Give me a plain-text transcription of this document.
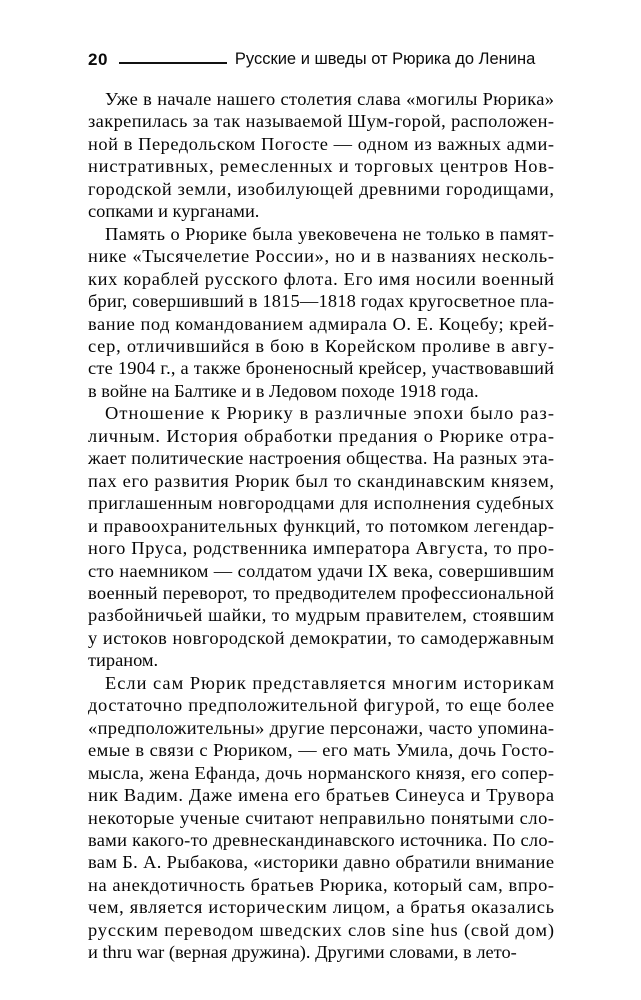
20	Русские и шведы от Рюрика до Ленина

Уже в начале нашего столетия слава «могилы Рюрика»
закрепилась за так называемой Шум-горой, расположен-
ной в Передольском Погосте — одном из важных адми-
нистративных, ремесленных и торговых центров Нов-
городской земли, изобилующей древними городищами,
сопками и курганами.

Память о Рюрике была увековечена не только в памят-
нике «Тысячелетие России», но и в названиях несколь-
ких кораблей русского флота. Его имя носили военный
бриг, совершивший в 1815—1818 годах кругосветное пла-
вание под командованием адмирала О. Е. Коцебу; крей-
сер, отличившийся в бою в Корейском проливе в авгу-
сте 1904 г., а также броненосный крейсер, участвовавший
в войне на Балтике и в Ледовом походе 1918 года.

Отношение к Рюрику в различные эпохи было раз-
личным. История обработки предания о Рюрике отра-
жает политические настроения общества. На разных эта-
пах его развития Рюрик был то скандинавским князем,
приглашенным новгородцами для исполнения судебных
и правоохранительных функций, то потомком легендар-
ного Пруса, родственника императора Августа, то про-
сто наемником — солдатом удачи IX века, совершившим
военный переворот, то предводителем профессиональной
разбойничьей шайки, то мудрым правителем, стоявшим
у истоков новгородской демократии, то самодержавным
тираном.

Если сам Рюрик представляется многим историкам
достаточно предположительной фигурой, то еще более
«предположительны» другие персонажи, часто упомина-
емые в связи с Рюриком, — его мать Умила, дочь Госто-
мысла, жена Ефанда, дочь норманского князя, его сопер-
ник Вадим. Даже имена его братьев Синеуса и Трувора
некоторые ученые считают неправильно понятыми сло-
вами какого-то древнескандинавского источника. По сло-
вам Б. А. Рыбакова, «историки давно обратили внимание
на анекдотичность братьев Рюрика, который сам, впро-
чем, является историческим лицом, а братья оказались
русским переводом шведских слов sine hus (свой дом)
и thru war (верная дружина). Другими словами, в лето-
